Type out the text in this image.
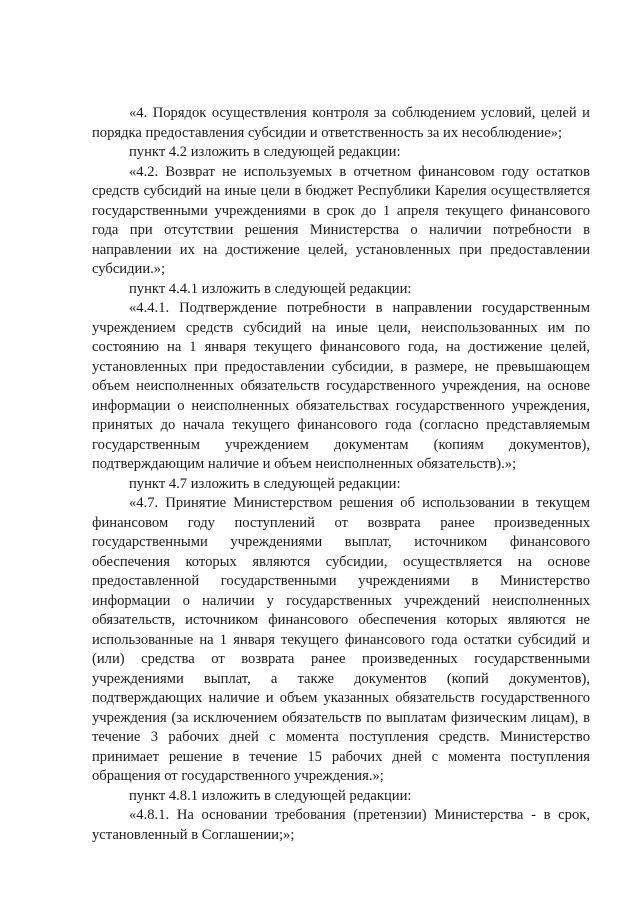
«4. Порядок осуществления контроля за соблюдением условий, целей и порядка предоставления субсидии и ответственность за их несоблюдение»;

пункт 4.2 изложить в следующей редакции:

«4.2. Возврат не используемых в отчетном финансовом году остатков средств субсидий на иные цели в бюджет Республики Карелия осуществляется государственными учреждениями в срок до 1 апреля текущего финансового года при отсутствии решения Министерства о наличии потребности в направлении их на достижение целей, установленных при предоставлении субсидии.»;

пункт 4.4.1 изложить в следующей редакции:

«4.4.1. Подтверждение потребности в направлении государственным учреждением средств субсидий на иные цели, неиспользованных им по состоянию на 1 января текущего финансового года, на достижение целей, установленных при предоставлении субсидии, в размере, не превышающем объем неисполненных обязательств государственного учреждения, на основе информации о неисполненных обязательствах государственного учреждения, принятых до начала текущего финансового года (согласно представляемым государственным учреждением документам (копиям документов), подтверждающим наличие и объем неисполненных обязательств).»;

пункт 4.7 изложить в следующей редакции:

«4.7. Принятие Министерством решения об использовании в текущем финансовом году поступлений от возврата ранее произведенных государственными учреждениями выплат, источником финансового обеспечения которых являются субсидии, осуществляется на основе предоставленной государственными учреждениями в Министерство информации о наличии у государственных учреждений неисполненных обязательств, источником финансового обеспечения которых являются не использованные на 1 января текущего финансового года остатки субсидий и (или) средства от возврата ранее произведенных государственными учреждениями выплат, а также документов (копий документов), подтверждающих наличие и объем указанных обязательств государственного учреждения (за исключением обязательств по выплатам физическим лицам), в течение 3 рабочих дней с момента поступления средств. Министерство принимает решение в течение 15 рабочих дней с момента поступления обращения от государственного учреждения.»;

пункт 4.8.1 изложить в следующей редакции:

«4.8.1. На основании требования (претензии) Министерства - в срок, установленный в Соглашении;»;
